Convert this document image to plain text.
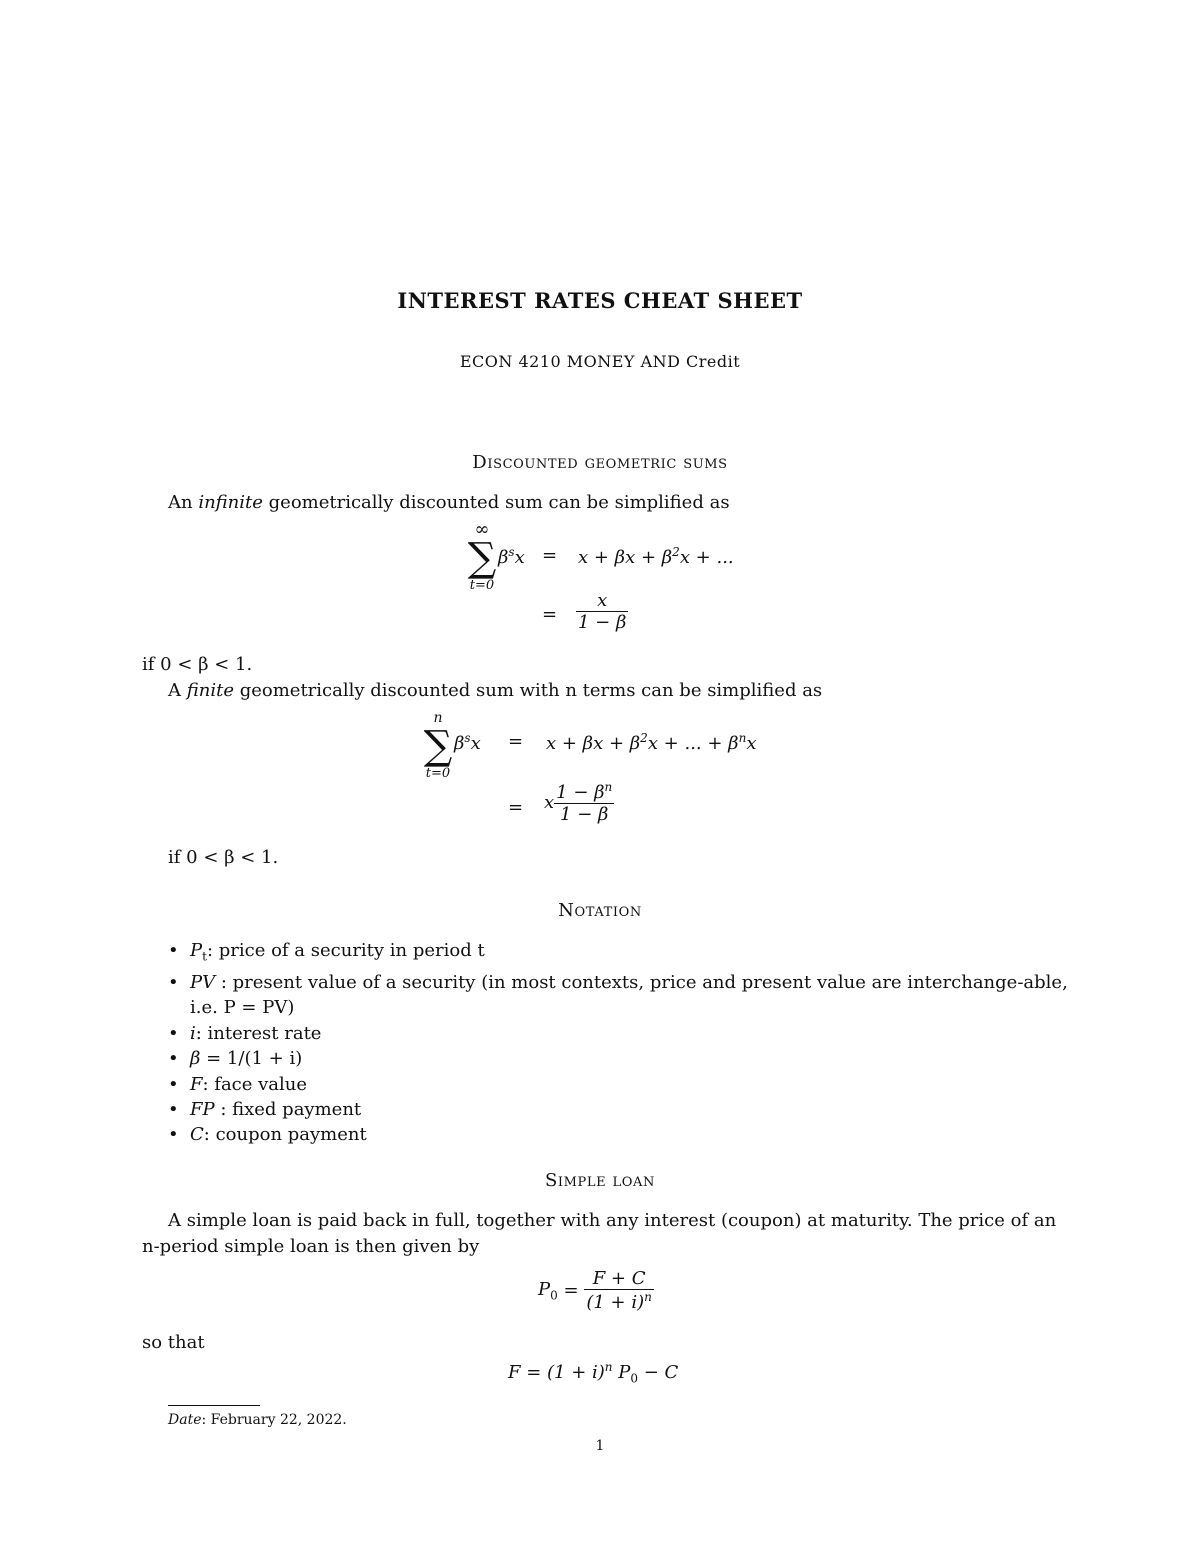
INTEREST RATES CHEAT SHEET
ECON 4210 MONEY AND Credit
Discounted geometric sums
An infinite geometrically discounted sum can be simplified as
∞
∑
t=0
$\beta^sx = x + \beta x + \beta^2x$ + ...
= $\frac{x}{1 - \beta}$
if 0 < β < 1.
A finite geometrically discounted sum with n terms can be simplified as
n
∑
t=0
$\beta^sx = x + \beta x + \beta^2x$ + ... + $\beta^nx$
= x $\frac{1 - \beta^n}{1 - \beta}$
if 0 < β < 1.
Notation
• $P_t$: price of a security in period t
• PV : present value of a security (in most contexts, price and present value are interchange-able, i.e. P = PV)
• i: interest rate
• β = 1/(1 + i)
• F: face value
• FP : fixed payment
• C: coupon payment
Simple loan
A simple loan is paid back in full, together with any interest (coupon) at maturity. The price of an n-period simple loan is then given by
$P_0 = \frac{F + C}{(1 + i)^n}$
so that
$F = (1 + i)^n$ $P_0 - C$
Date: February 22, 2022.
1
